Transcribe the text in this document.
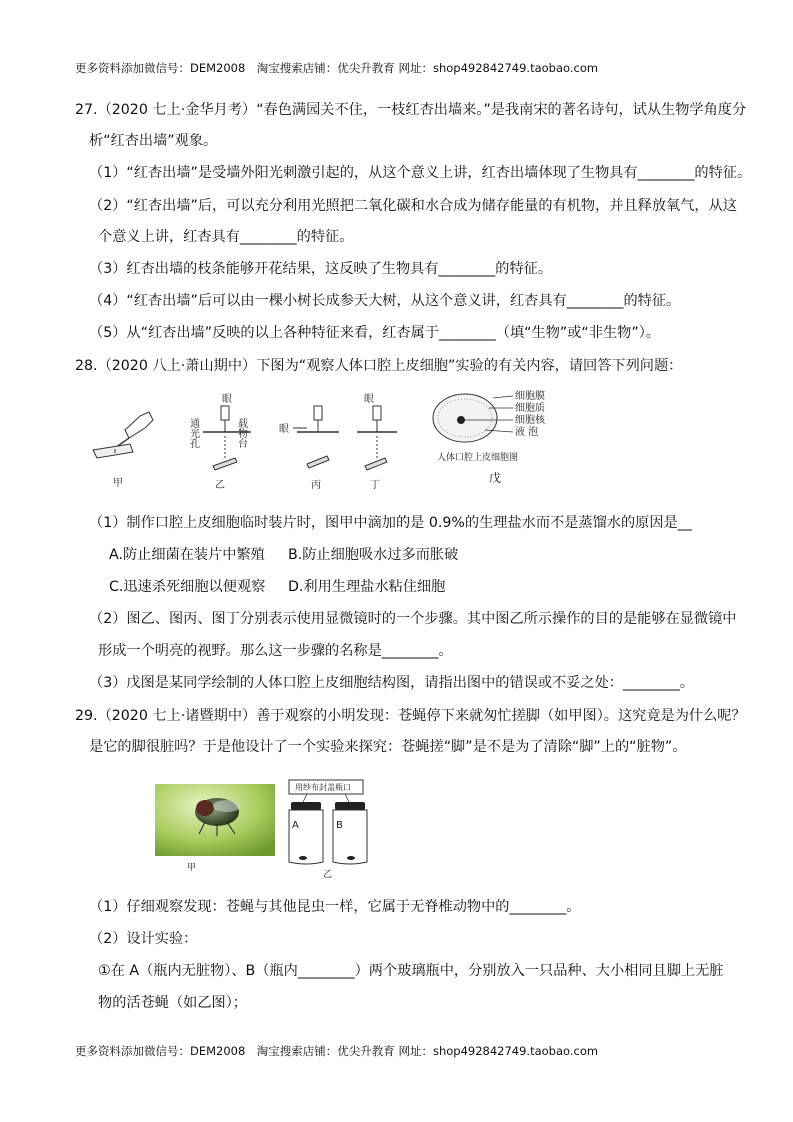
更多资料添加微信号：DEM2008　淘宝搜索店铺：优尖升教育 网址：shop492842749.taobao.com
27.（2020 七上·金华月考）“春色满园关不住，一枝红杏出墙来。”是我南宋的著名诗句，试从生物学角度分
析“红杏出墙”观象。
（1）“红杏出墙”是受墙外阳光刺激引起的，从这个意义上讲，红杏出墙体现了生物具有________的特征。
（2）“红杏出墙”后，可以充分利用光照把二氧化碳和水合成为储存能量的有机物，并且释放氧气，从这
个意义上讲，红杏具有________的特征。
（3）红杏出墙的枝条能够开花结果，这反映了生物具有________的特征。
（4）“红杏出墙”后可以由一棵小树长成参天大树，从这个意义讲，红杏具有________的特征。
（5）从“红杏出墙”反映的以上各种特征来看，红杏属于________（填“生物”或“非生物”）。
28.（2020 八上·萧山期中）下图为“观察人体口腔上皮细胞”实验的有关内容，请回答下列问题：
甲
眼
通光孔	载物台
乙
眼
丙
眼
丁
细胞膜
细胞质
细胞核
液 泡
人体口腔上皮细胞图
戊
（1）制作口腔上皮细胞临时装片时，图甲中滴加的是 0.9%的生理盐水而不是蒸馏水的原因是__
A.防止细菌在装片中繁殖 B.防止细胞吸水过多而胀破
C.迅速杀死细胞以便观察 D.利用生理盐水粘住细胞
（2）图乙、图丙、图丁分别表示使用显微镜时的一个步骤。其中图乙所示操作的目的是能够在显微镜中
形成一个明亮的视野。那么这一步骤的名称是________。
（3）戊图是某同学绘制的人体口腔上皮细胞结构图，请指出图中的错误或不妥之处：________。
29.（2020 七上·诸暨期中）善于观察的小明发现：苍蝇停下来就匆忙搓脚（如甲图）。这究竟是为什么呢？
是它的脚很脏吗？于是他设计了一个实验来探究：苍蝇搓“脚”是不是为了清除“脚”上的“脏物”。
甲
用纱布封盖瓶口
A	B
乙
（1）仔细观察发现：苍蝇与其他昆虫一样，它属于无脊椎动物中的________。
（2）设计实验：
①在 A（瓶内无脏物）、B（瓶内________）两个玻璃瓶中，分别放入一只品种、大小相同且脚上无脏
物的活苍蝇（如乙图）；
更多资料添加微信号：DEM2008　淘宝搜索店铺：优尖升教育 网址：shop492842749.taobao.com
